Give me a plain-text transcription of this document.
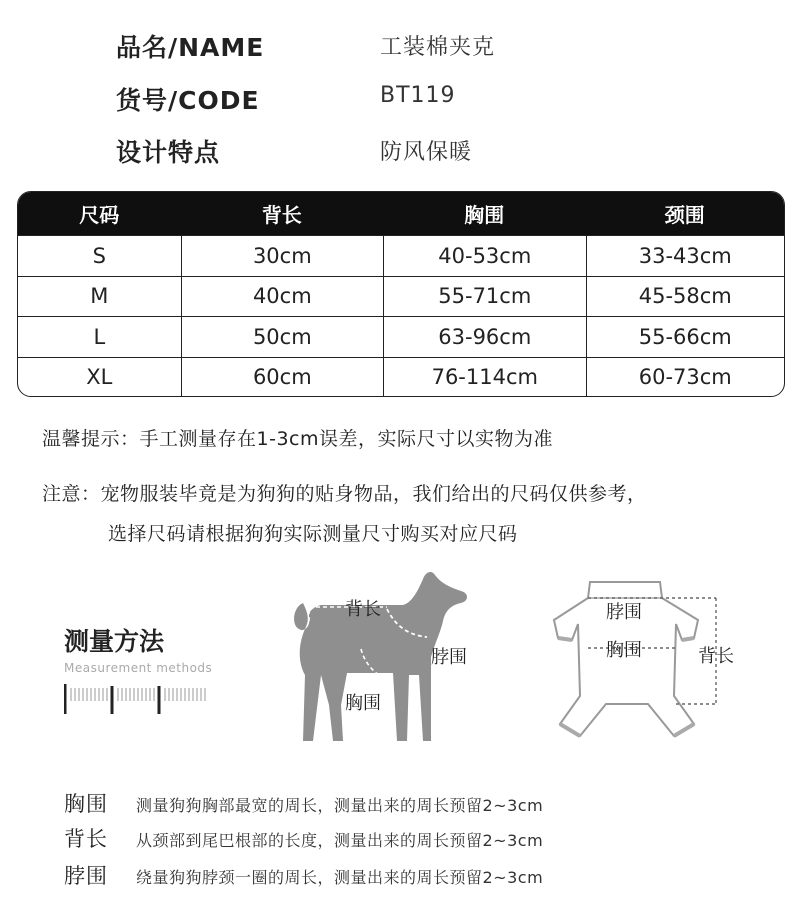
品名/NAME	工装棉夹克
货号/CODE	BT119
设计特点	防风保暖
尺码	背长	胸围	颈围
S	30cm	40-53cm	33-43cm
M	40cm	55-71cm	45-58cm
L	50cm	63-96cm	55-66cm
XL	60cm	76-114cm	60-73cm
温馨提示：手工测量存在1-3cm误差，实际尺寸以实物为准
注意：宠物服装毕竟是为狗狗的贴身物品，我们给出的尺码仅供参考，
选择尺码请根据狗狗实际测量尺寸购买对应尺码
测量方法
Measurement methods
背长
脖围
胸围
脖围
胸围	背长
胸围 测量狗狗胸部最宽的周长，测量出来的周长预留2~3cm
背长 从颈部到尾巴根部的长度，测量出来的周长预留2~3cm
脖围 绕量狗狗脖颈一圈的周长，测量出来的周长预留2~3cm
